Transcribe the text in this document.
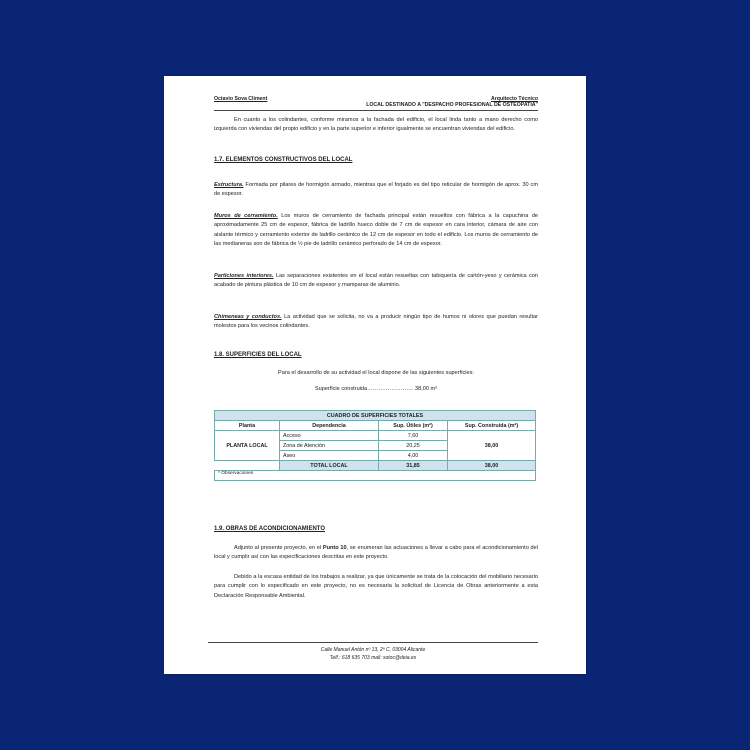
Octavio Sova Climent	Arquitecto Técnico
LOCAL DESTINADO A "DESPACHO PROFESIONAL DE OSTEOPATIA"

En cuanto a los colindantes, conforme miramos a la fachada del edificio, el local linda tanto a mano derecho como izquierda con viviendas del propio edificio y en la parte superior e inferior igualmente se encuentran viviendas del edificio.

1.7. ELEMENTOS CONSTRUCTIVOS DEL LOCAL

Estructura. Formada por pilares de hormigón armado, mientras que el forjado es del tipo reticular de hormigón de aprox. 30 cm de espesor.

Muros de cerramiento. Los muros de cerramiento de fachada principal están resueltos con fábrica a la capuchina de aproximadamente 25 cm de espesor, fábrica de ladrillo hueco doble de 7 cm de espesor en cara interior, cámara de aire con aislante térmico y cerramiento exterior de ladrillo cerámico de 12 cm de espesor en todo el edificio. Los muros de cerramiento de las medianeras son de fábrica de ½ pie de ladrillo cerámico perforado de 14 cm de espesor.

Particiones interiores. Las separaciones existentes en el local están resueltas con tabiquería de cartón-yeso y cerámica con acabado de pintura plástica de 10 cm de espesor y mamparas de aluminio.

Chimeneas y conductos. La actividad que se solicita, no va a producir ningún tipo de humos ni olores que puedan resultar molestos para los vecinos colindantes.

1.8. SUPERFICIES DEL LOCAL

Para el desarrollo de su actividad el local dispone de las siguientes superficies:

Superficie construida……………………. 38,00 m²

CUADRO DE SUPERFICIES TOTALES			
Planta	Dependencia	Sup. Útiles (m²)	Sup. Construida (m²)
PLANTA LOCAL	Acceso	7,60	38,00
	Zona de Atención	20,25	
	Aseo	4,00	
	TOTAL LOCAL	31,85	38,00
* Observaciones			
1.9. OBRAS DE ACONDICIONAMIENTO

Adjunto al presente proyecto, en el Punto 10, se enumeran las actuaciones a llevar a cabo para el acondicionamiento del local y cumplir así con las especificaciones descritas en este proyecto.

Debido a la escasa entidad de los trabajos a realizar, ya que únicamente se trata de la colocación del mobiliario necesario para cumplir con lo especificado en este proyecto, no es necesaria la solicitud de Licencia de Obras anteriormente a esta Declaración Responsable Ambiental.

Calle Manuel Antón nº 13, 2º C, 03004 Alicante
Telf.: 618 635 703 mail: sotoc@deia.es
